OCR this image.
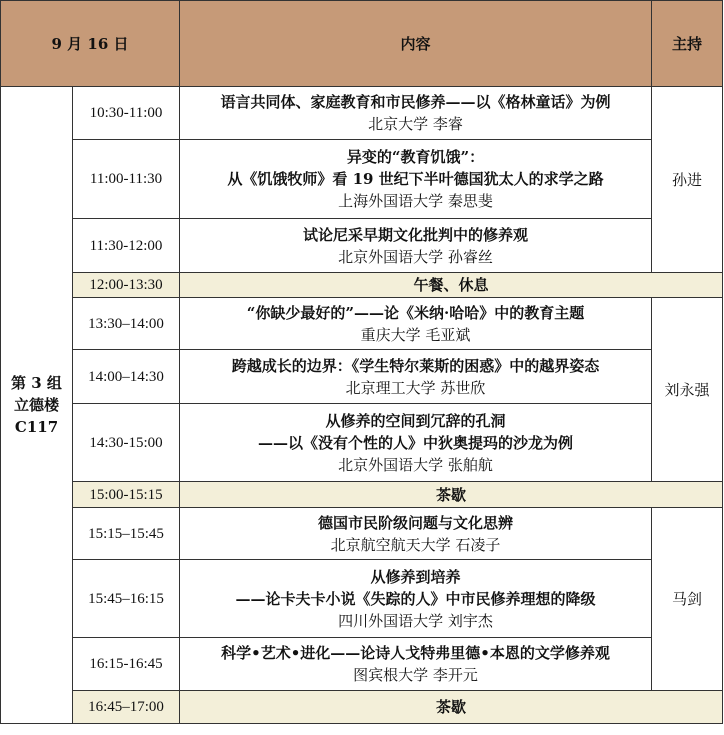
9 月 16 日		内容	主持
第 3 组
立德楼
C117	10:30-11:00	语言共同体、家庭教育和市民修养——以《格林童话》为例
北京大学 李睿	孙进
	11:00-11:30	异变的“教育饥饿”：
从《饥饿牧师》看 19 世纪下半叶德国犹太人的求学之路
上海外国语大学 秦思斐	

	11:30-12:00	试论尼采早期文化批判中的修养观
北京外国语大学 孙睿丝	

	12:00-13:30	午餐、休息	
	13:30–14:00	“你缺少最好的”——论《米纳·哈哈》中的教育主题
重庆大学 毛亚斌	刘永强
	14:00–14:30	跨越成长的边界：《学生特尔莱斯的困惑》中的越界姿态
北京理工大学 苏世欣	

	14:30-15:00	从修养的空间到冗辞的孔洞
——以《没有个性的人》中狄奥提玛的沙龙为例
北京外国语大学 张舶航	

	15:00-15:15	茶歇	
	15:15–15:45	德国市民阶级问题与文化思辨
北京航空航天大学 石凌子	马剑
	15:45–16:15	从修养到培养
——论卡夫卡小说《失踪的人》中市民修养理想的降级
四川外国语大学 刘宇杰	

	16:15-16:45	科学•艺术•进化——论诗人戈特弗里德•本恩的文学修养观
图宾根大学 李开元	

	16:45–17:00	茶歇	
